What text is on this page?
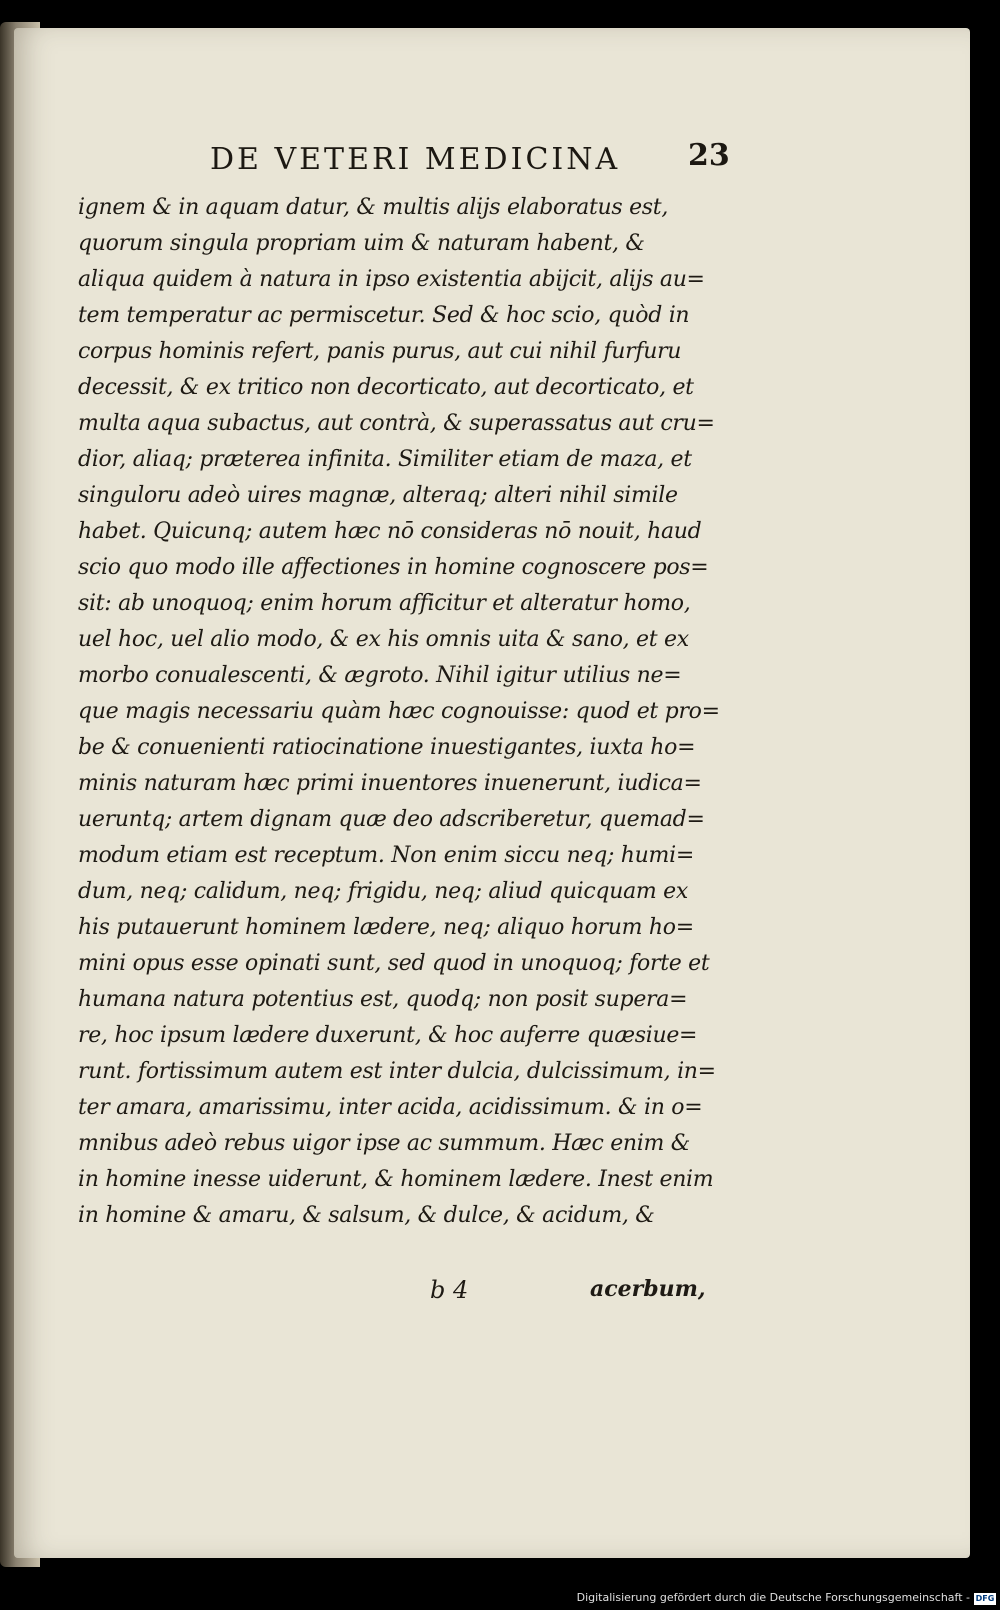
DE VETERI MEDICINA 23
ignem & in aquam datur, & multis alijs elaboratus est,
quorum singula propriam uim & naturam habent, &
aliqua quidem à natura in ipso existentia abijcit, alijs au=
tem temperatur ac permiscetur. Sed & hoc scio, quòd in
corpus hominis refert, panis purus, aut cui nihil furfuru
decessit, & ex tritico non decorticato, aut decorticato, et
multa aqua subactus, aut contrà, & superassatus aut cru=
dior, aliaq; præterea infinita. Similiter etiam de maza, et
singuloru adeò uires magnæ, alteraq; alteri nihil simile
habet. Quicunq; autem hæc nō consideras nō nouit, haud
scio quo modo ille affectiones in homine cognoscere pos=
sit: ab unoquoq; enim horum afficitur et alteratur homo,
uel hoc, uel alio modo, & ex his omnis uita & sano, et ex
morbo conualescenti, & ægroto. Nihil igitur utilius ne=
que magis necessariu quàm hæc cognouisse: quod et pro=
be & conuenienti ratiocinatione inuestigantes, iuxta ho=
minis naturam hæc primi inuentores inuenerunt, iudica=
ueruntq; artem dignam quæ deo adscriberetur, quemad=
modum etiam est receptum. Non enim siccu neq; humi=
dum, neq; calidum, neq; frigidu, neq; aliud quicquam ex
his putauerunt hominem lædere, neq; aliquo horum ho=
mini opus esse opinati sunt, sed quod in unoquoq; forte et
humana natura potentius est, quodq; non posit supera=
re, hoc ipsum lædere duxerunt, & hoc auferre quæsiue=
runt. fortissimum autem est inter dulcia, dulcissimum, in=
ter amara, amarissimu, inter acida, acidissimum. & in o=
mnibus adeò rebus uigor ipse ac summum. Hæc enim &
in homine inesse uiderunt, & hominem lædere. Inest enim
in homine & amaru, & salsum, & dulce, & acidum, &
b 4	acerbum,
Digitalisierung gefördert durch die Deutsche Forschungsgemeinschaft - DFG
